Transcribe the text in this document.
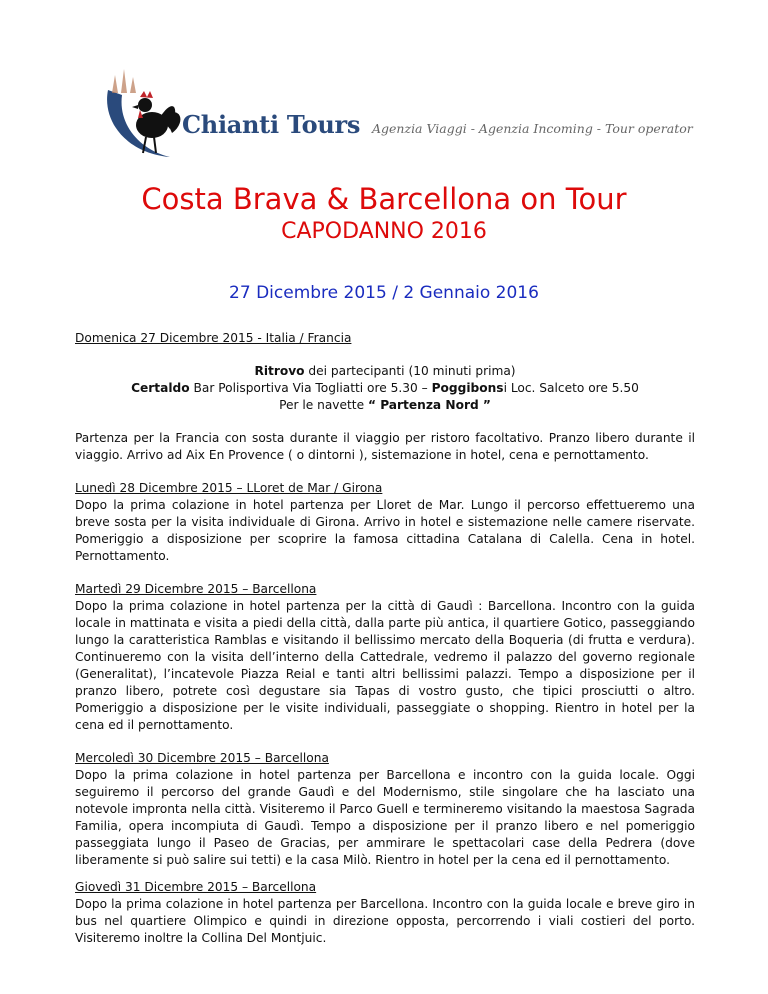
Chianti Tours Agenzia Viaggi - Agenzia Incoming - Tour operator
Costa Brava & Barcellona on Tour
CAPODANNO 2016
27 Dicembre 2015 / 2 Gennaio 2016

Domenica 27 Dicembre 2015 - Italia / Francia

Ritrovo dei partecipanti (10 minuti prima)

Certaldo Bar Polisportiva Via Togliatti ore 5.30 – Poggibonsi Loc. Salceto ore 5.50

Per le navette “ Partenza Nord ”

Partenza per la Francia con sosta durante il viaggio per ristoro facoltativo. Pranzo libero durante il viaggio. Arrivo ad Aix En Provence ( o dintorni ), sistemazione in hotel, cena e pernottamento.

Lunedì 28 Dicembre 2015 – LLoret de Mar / Girona

Dopo la prima colazione in hotel partenza per Lloret de Mar. Lungo il percorso effettueremo una breve sosta per la visita individuale di Girona. Arrivo in hotel e sistemazione nelle camere riservate. Pomeriggio a disposizione per scoprire la famosa cittadina Catalana di Calella. Cena in hotel. Pernottamento.

Martedì 29 Dicembre 2015 – Barcellona

Dopo la prima colazione in hotel partenza per la città di Gaudì : Barcellona. Incontro con la guida locale in mattinata e visita a piedi della città, dalla parte più antica, il quartiere Gotico, passeggiando lungo la caratteristica Ramblas e visitando il bellissimo mercato della Boqueria (di frutta e verdura). Continueremo con la visita dell’interno della Cattedrale, vedremo il palazzo del governo regionale (Generalitat), l’incatevole Piazza Reial e tanti altri bellissimi palazzi. Tempo a disposizione per il pranzo libero, potrete così degustare sia Tapas di vostro gusto, che tipici prosciutti o altro. Pomeriggio a disposizione per le visite individuali, passeggiate o shopping. Rientro in hotel per la cena ed il pernottamento.

Mercoledì 30 Dicembre 2015 – Barcellona

Dopo la prima colazione in hotel partenza per Barcellona e incontro con la guida locale. Oggi seguiremo il percorso del grande Gaudì e del Modernismo, stile singolare che ha lasciato una notevole impronta nella città. Visiteremo il Parco Guell e termineremo visitando la maestosa Sagrada Familia, opera incompiuta di Gaudì. Tempo a disposizione per il pranzo libero e nel pomeriggio passeggiata lungo il Paseo de Gracias, per ammirare le spettacolari case della Pedrera (dove liberamente si può salire sui tetti) e la casa Milò. Rientro in hotel per la cena ed il pernottamento.

Giovedì 31 Dicembre 2015 – Barcellona

Dopo la prima colazione in hotel partenza per Barcellona. Incontro con la guida locale e breve giro in bus nel quartiere Olimpico e quindi in direzione opposta, percorrendo i viali costieri del porto. Visiteremo inoltre la Collina Del Montjuic.
